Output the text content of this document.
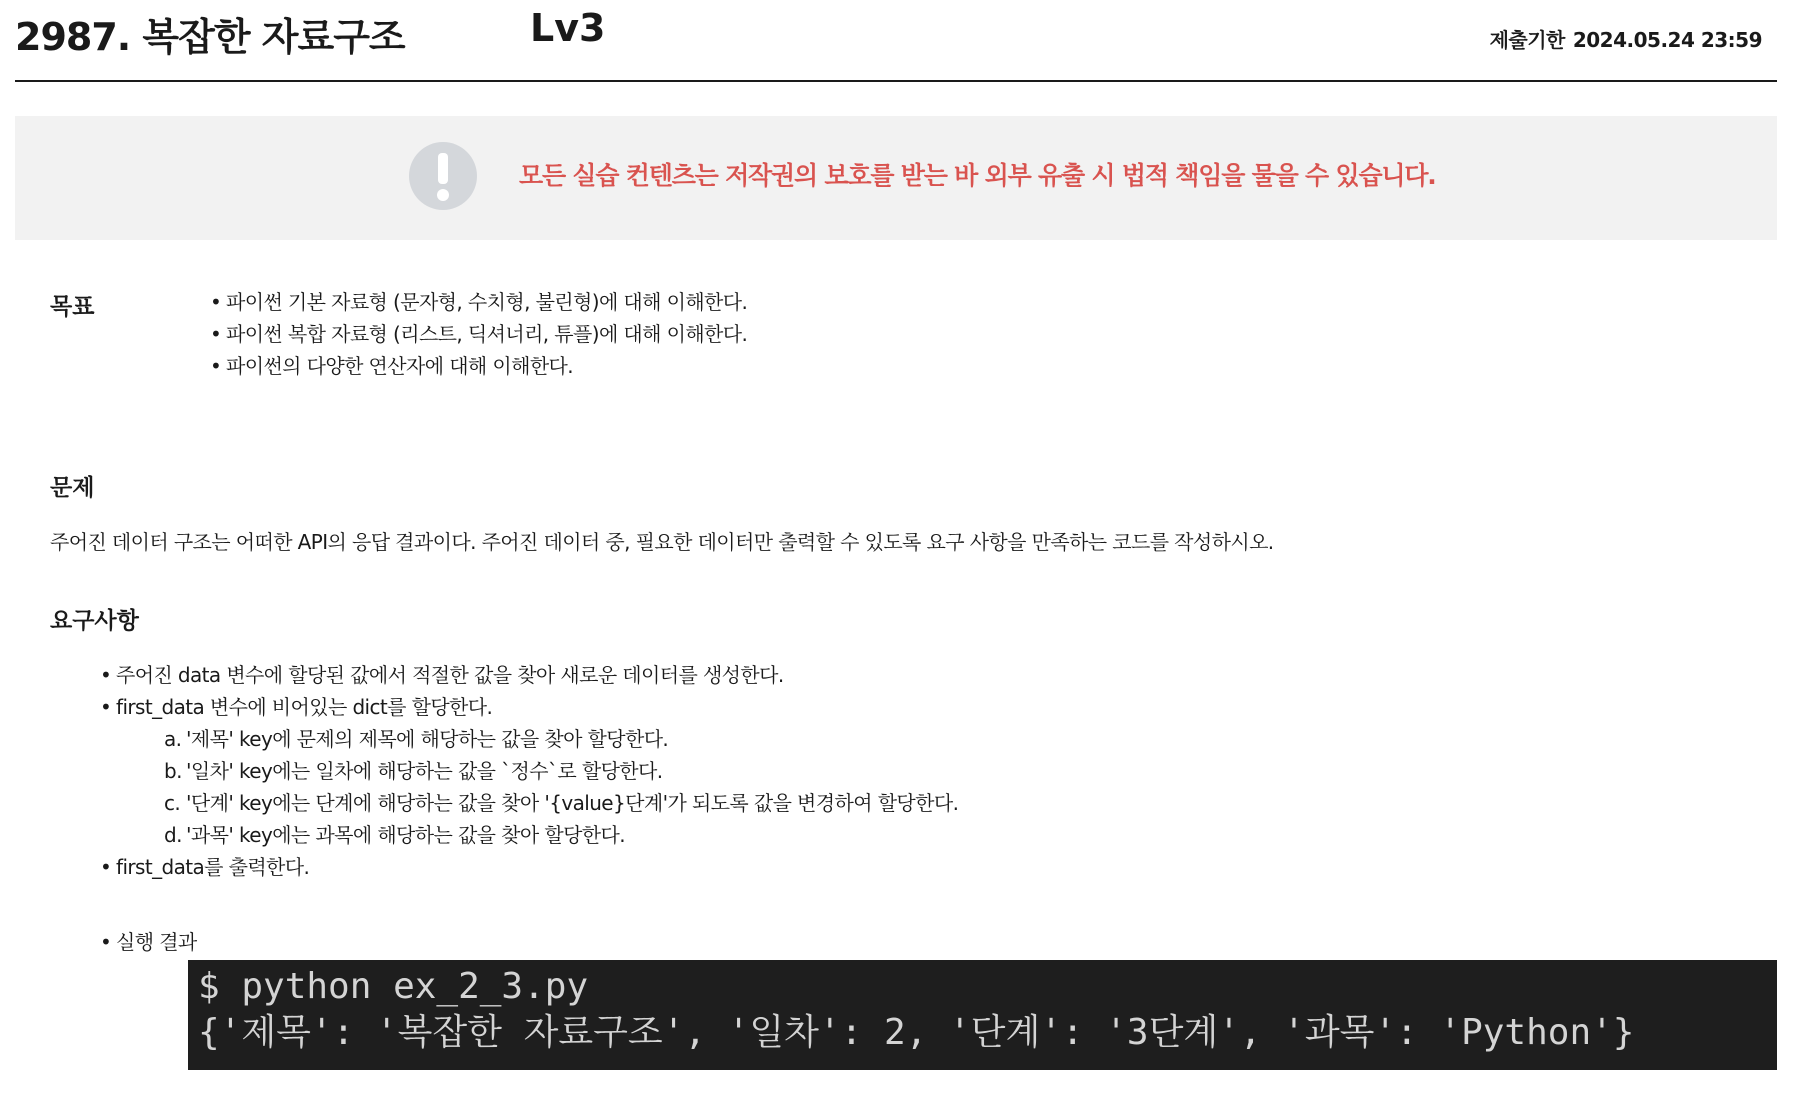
2987. 복잡한 자료구조	Lv3	제출기한 2024.05.24 23:59
모든 실습 컨텐츠는 저작권의 보호를 받는 바 외부 유출 시 법적 책임을 물을 수 있습니다.
목표
•	파이썬 기본 자료형 (문자형, 수치형, 불린형)에 대해 이해한다.
• 파이썬 복합 자료형 (리스트, 딕셔너리, 튜플)에 대해 이해한다.
• 파이썬의 다양한 연산자에 대해 이해한다.
문제
주어진 데이터 구조는 어떠한 API의 응답 결과이다. 주어진 데이터 중, 필요한 데이터만 출력할 수 있도록 요구 사항을 만족하는 코드를 작성하시오.
요구사항
• 주어진 data 변수에 할당된 값에서 적절한 값을 찾아 새로운 데이터를 생성한다.
• first_data 변수에 비어있는 dict를 할당한다.
a. '제목' key에 문제의 제목에 해당하는 값을 찾아 할당한다.
b. '일차' key에는 일차에 해당하는 값을 `정수`로 할당한다.
c. '단계' key에는 단계에 해당하는 값을 찾아 '{value}단계'가 되도록 값을 변경하여 할당한다.
d. '과목' key에는 과목에 해당하는 값을 찾아 할당한다.
• first_data를 출력한다.
• 실행 결과
$ python ex_2_3.py
{'제목': '복잡한 자료구조', '일차': 2, '단계': '3단계', '과목': 'Python'}
